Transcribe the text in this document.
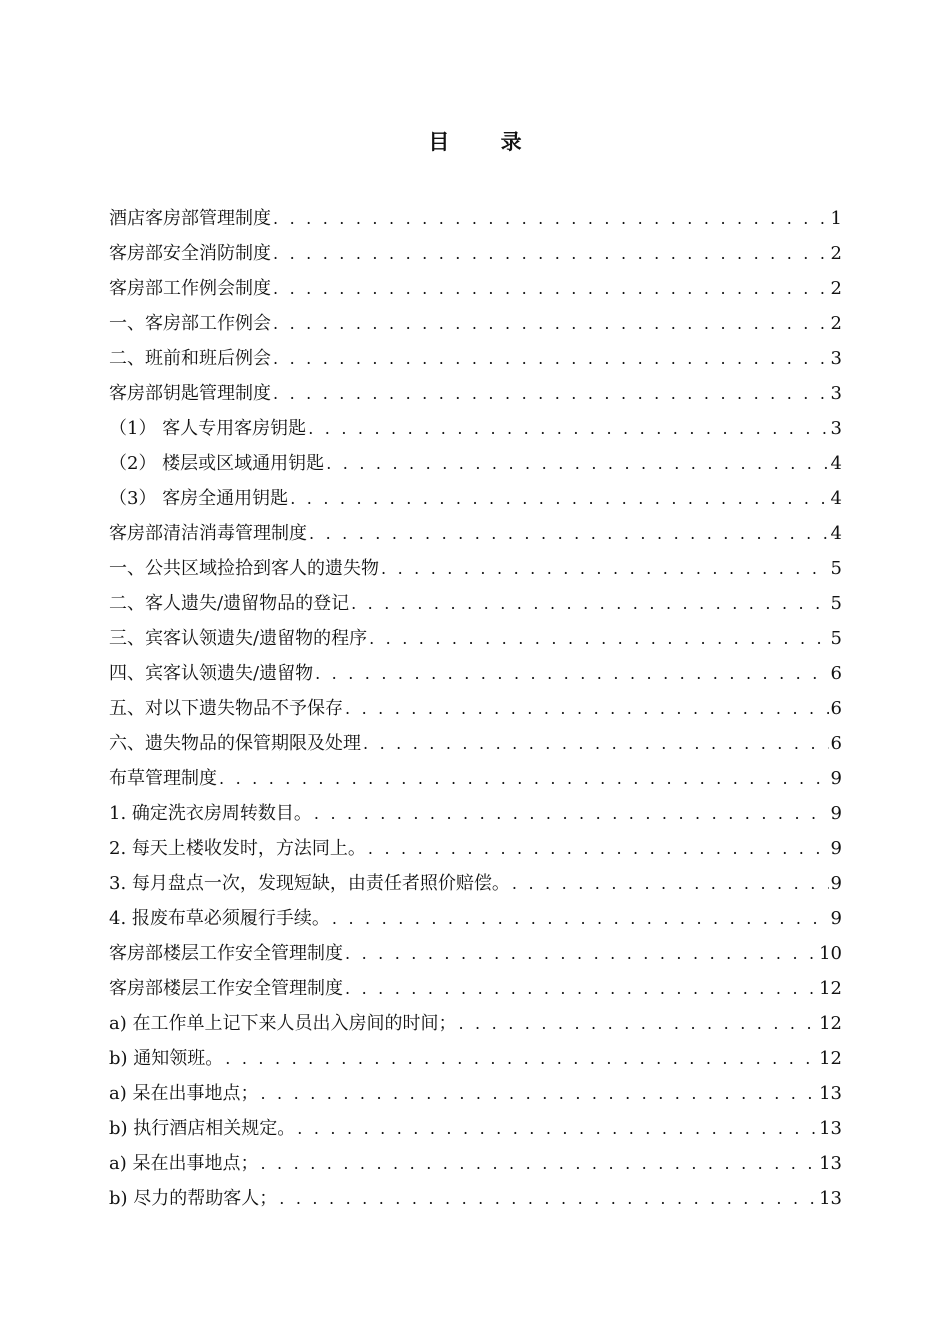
目 录
酒店客房部管理制度 . . .	1
客房部安全消防制度 . . .	2
客房部工作例会制度 . . .	2
一、客房部工作例会 . . .	2
二、班前和班后例会 . . .	3
客房部钥匙管理制度 . . .	3
（1） 客人专用客房钥匙 . . .	3
（2） 楼层或区域通用钥匙 . . .	4
（3） 客房全通用钥匙 . . .	4
客房部清洁消毒管理制度 . . .	4
一、公共区域捡拾到客人的遗失物 . . .	5
二、客人遗失/遗留物品的登记 . . .	5
三、宾客认领遗失/遗留物的程序 . . .	5
四、宾客认领遗失/遗留物 . . .	6
五、对以下遗失物品不予保存 . . .	6
六、遗失物品的保管期限及处理 . . .	6
布草管理制度 . . .	9
1. 确定洗衣房周转数目。 . . .	9
2. 每天上楼收发时，方法同上。 . . .	9
3. 每月盘点一次，发现短缺，由责任者照价赔偿。 . . .	9
4. 报废布草必须履行手续。 . . .	9
客房部楼层工作安全管理制度 . . .	10
客房部楼层工作安全管理制度 . . .	12
a) 在工作单上记下来人员出入房间的时间； . . .	12
b) 通知领班。 . . .	12
a) 呆在出事地点； . . .	13
b) 执行酒店相关规定。 . . .	13
a) 呆在出事地点； . . .	13
b) 尽力的帮助客人； . . .	13
